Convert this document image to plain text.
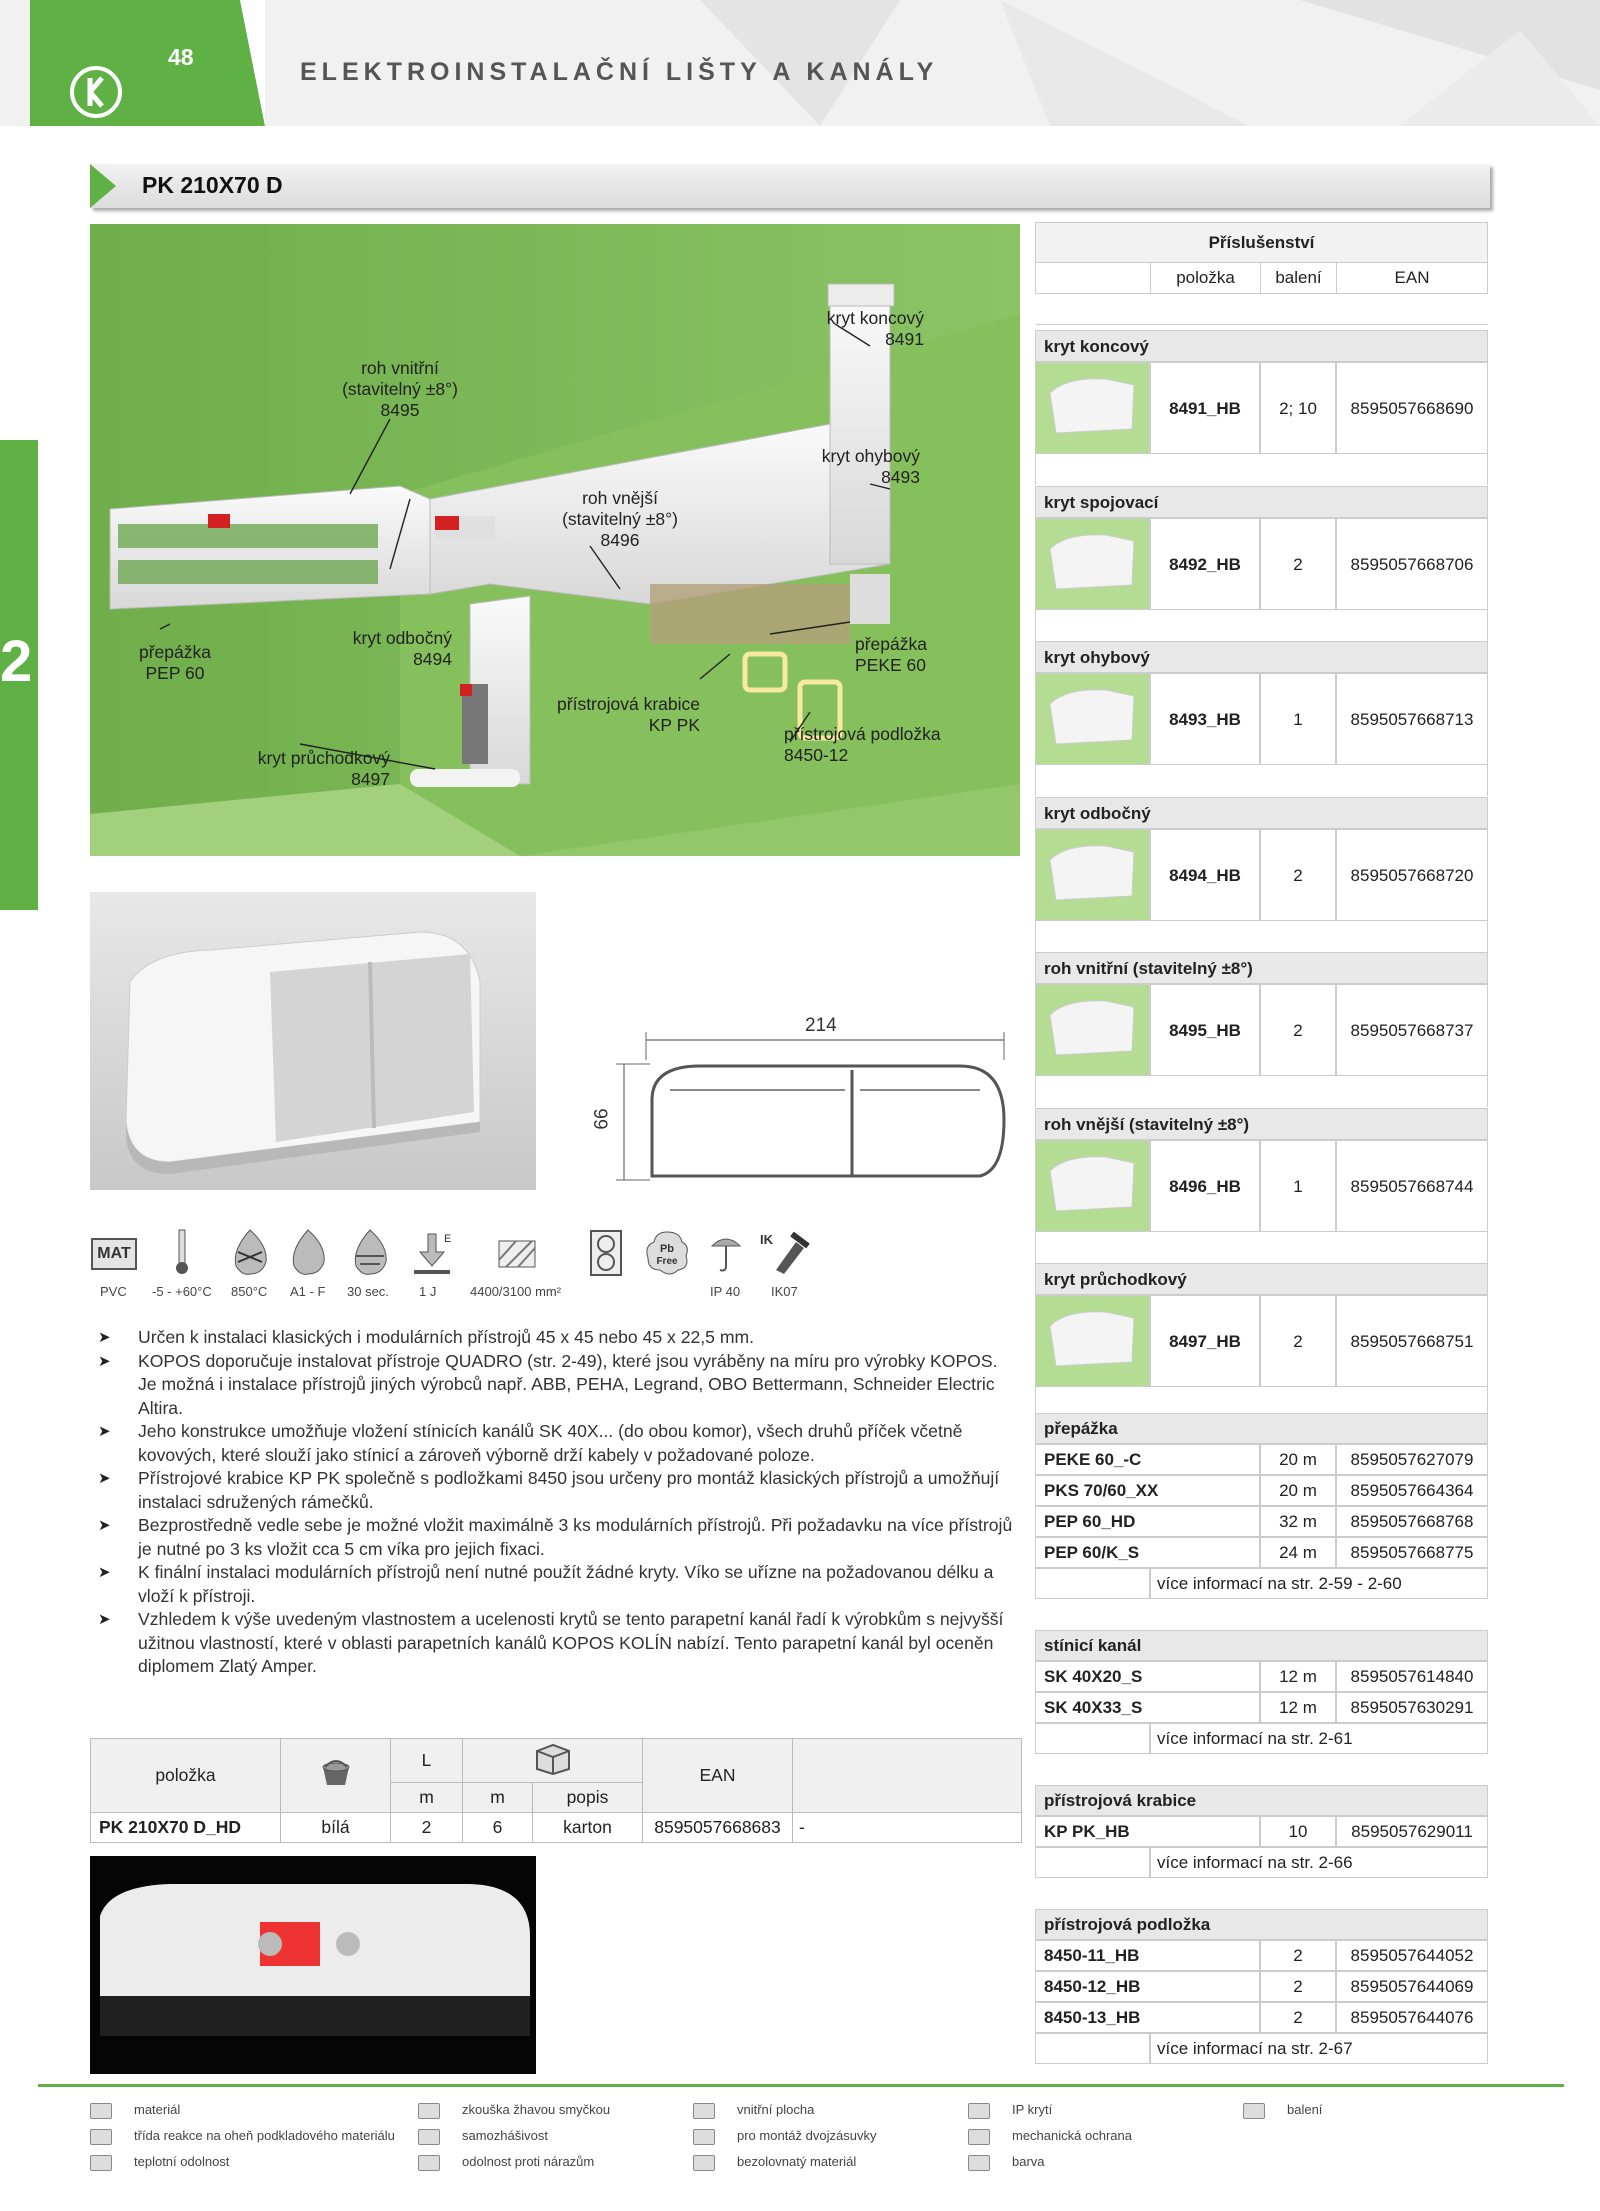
48
ELEKTROINSTALAČNÍ LIŠTY A KANÁLY
2
PK 210X70 D
kryt koncový
8491
roh vnitřní
(stavitelný ±8°)
8495
kryt ohybový
8493
roh vnější
(stavitelný ±8°)
8496
kryt odbočný
8494
přepážka
PEP 60
přepážka
PEKE 60
přístrojová krabice
KP PK	přístrojová podložka
8450-12
kryt průchodkový
8497
214
66
MAT
E
Pb
Free
IK
PVC -5 - +60°C 850°C A1 - F 30 sec. 1 J	4400/3100 mm²	IP 40 IK07
➤ Určen k instalaci klasických i modulárních přístrojů 45 x 45 nebo 45 x 22,5 mm.
➤ KOPOS doporučuje instalovat přístroje QUADRO (str. 2-49), které jsou vyráběny na míru pro výrobky KOPOS. Je možná i instalace přístrojů jiných výrobců např. ABB, PEHA, Legrand, OBO Bettermann, Schneider Electric Altira.
➤ Jeho konstrukce umožňuje vložení stínicích kanálů SK 40X... (do obou komor), všech druhů příček včetně kovových, které slouží jako stínicí a zároveň výborně drží kabely v požadované poloze.
➤ Přístrojové krabice KP PK společně s podložkami 8450 jsou určeny pro montáž klasických přístrojů a umožňují instalaci sdružených rámečků.
➤ Bezprostředně vedle sebe je možné vložit maximálně 3 ks modulárních přístrojů. Při požadavku na více přístrojů je nutné po 3 ks vložit cca 5 cm víka pro jejich fixaci.
➤ K finální instalaci modulárních přístrojů není nutné použít žádné kryty. Víko se uřízne na požadovanou délku a vloží k přístroji.
➤ Vzhledem k výše uvedeným vlastnostem a ucelenosti krytů se tento parapetní kanál řadí k výrobkům s nejvyšší užitnou vlastností, které v oblasti parapetních kanálů KOPOS KOLÍN nabízí. Tento parapetní kanál byl oceněn diplomem Zlatý Amper.
položka		L			EAN	
		m	m	popis		
PK 210X70 D_HD	bílá	2	6	karton	8595057668683	-
Příslušenství
	položka	balení	EAN

kryt koncový
8491_HB	2; 10	8595057668690
kryt spojovací
8492_HB	2	8595057668706
kryt ohybový
8493_HB	1	8595057668713
kryt odbočný
8494_HB	2	8595057668720
roh vnitřní (stavitelný ±8°)
8495_HB	2	8595057668737
roh vnější (stavitelný ±8°)
8496_HB	1	8595057668744
kryt průchodkový
8497_HB	2	8595057668751
přepážka
PEKE 60_-C	20 m	8595057627079
PKS 70/60_XX	20 m	8595057664364
PEP 60_HD	32 m	8595057668768
PEP 60/K_S	24 m	8595057668775
více informací na str. 2-59 - 2-60
stínicí kanál
SK 40X20_S	12 m	8595057614840
SK 40X33_S	12 m	8595057630291
více informací na str. 2-61
přístrojová krabice
KP PK_HB	10	8595057629011
více informací na str. 2-66
přístrojová podložka
8450-11_HB	2	8595057644052
8450-12_HB	2	8595057644069
8450-13_HB	2	8595057644076
více informací na str. 2-67
materiál
třída reakce na oheň podkladového materiálu
teplotní odolnost
zkouška žhavou smyčkou
samozhášivost
odolnost proti nárazům
vnitřní plocha
pro montáž dvojzásuvky
bezolovnatý materiál
IP krytí
mechanická ochrana
barva
balení
